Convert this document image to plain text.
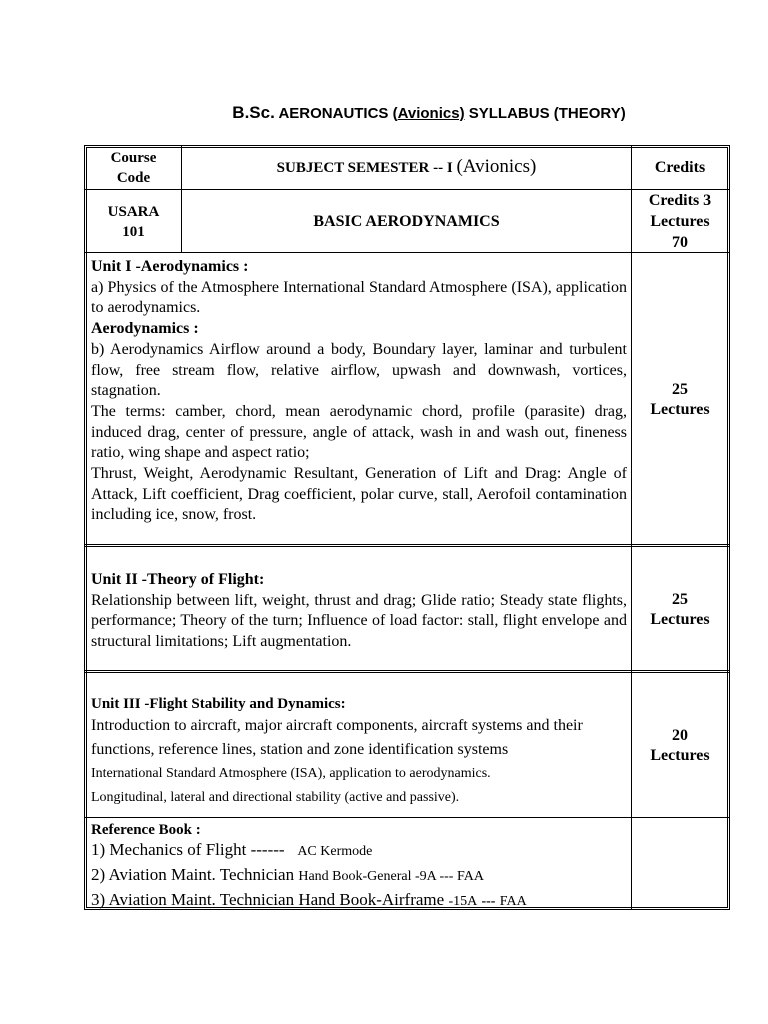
B.Sc. AERONAUTICS (Avionics) SYLLABUS (THEORY)
Course Code
SUBJECT SEMESTER -- I (Avionics)	Credits
USARA 101
BASIC AERODYNAMICS
Credits 3
Lectures
70
Unit I -Aerodynamics :
a) Physics of the Atmosphere International Standard Atmosphere (ISA), application to aerodynamics.
Aerodynamics :
b) Aerodynamics Airflow around a body, Boundary layer, laminar and turbulent flow, free stream flow, relative airflow, upwash and downwash, vortices, stagnation.
The terms: camber, chord, mean aerodynamic chord, profile (parasite) drag, induced drag, center of pressure, angle of attack, wash in and wash out, fineness ratio, wing shape and aspect ratio;
Thrust, Weight, Aerodynamic Resultant, Generation of Lift and Drag: Angle of Attack, Lift coefficient, Drag coefficient, polar curve, stall, Aerofoil contamination including ice, snow, frost.
25
Lectures
Unit II -Theory of Flight:
Relationship between lift, weight, thrust and drag; Glide ratio; Steady state flights, performance; Theory of the turn; Influence of load factor: stall, flight envelope and structural limitations; Lift augmentation.
25
Lectures
Unit III -Flight Stability and Dynamics:
Introduction to aircraft, major aircraft components, aircraft systems and their functions, reference lines, station and zone identification systems
International Standard Atmosphere (ISA), application to aerodynamics.
Longitudinal, lateral and directional stability (active and passive).
20
Lectures
Reference Book :
1) Mechanics of Flight ------ AC Kermode
2) Aviation Maint. Technician Hand Book-General -9A --- FAA
3) Aviation Maint. Technician Hand Book-Airframe -15A --- FAA
